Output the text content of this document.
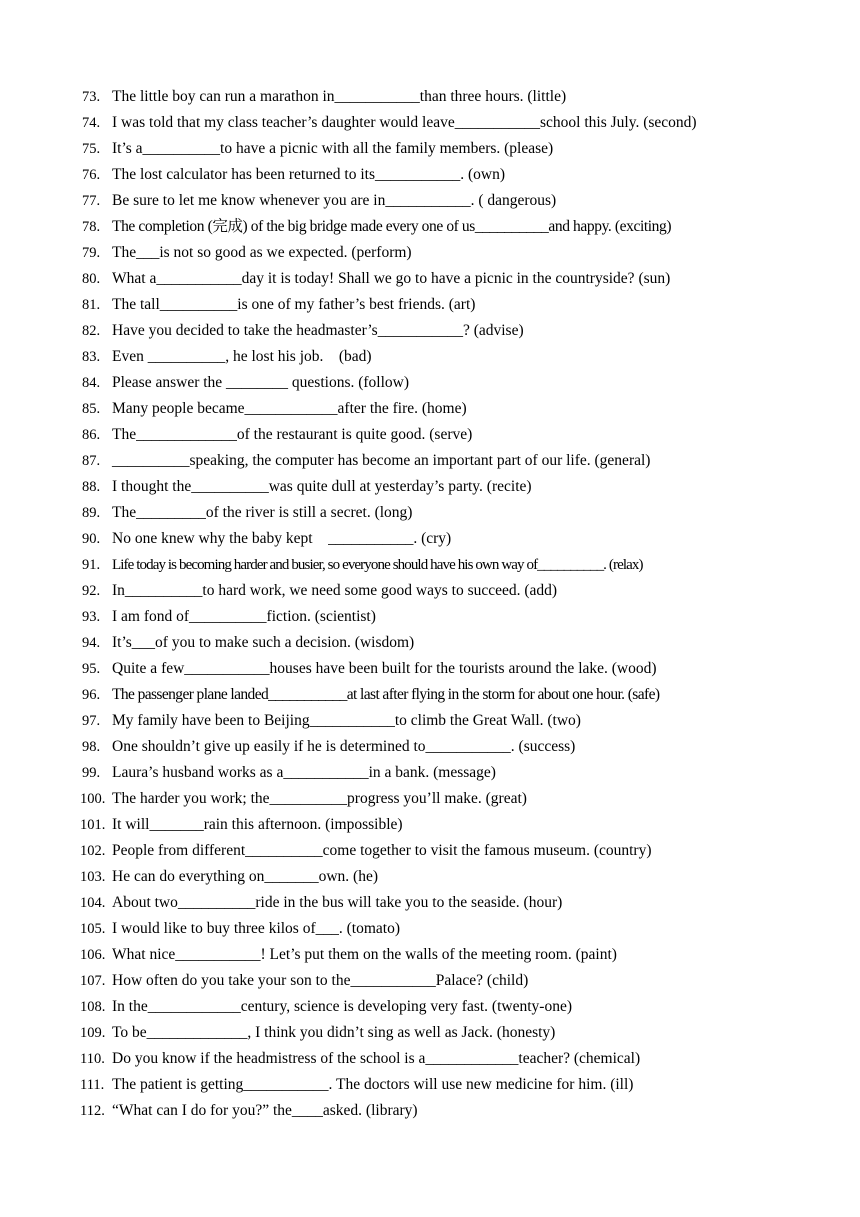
73. The little boy can run a marathon in___________than three hours. (little)
74. I was told that my class teacher’s daughter would leave___________school this July. (second)
75. It’s a__________to have a picnic with all the family members. (please)
76. The lost calculator has been returned to its___________. (own)
77. Be sure to let me know whenever you are in___________. ( dangerous)
78. The completion (完成) of the big bridge made every one of us__________and happy. (exciting)
79. The___is not so good as we expected. (perform)
80. What a___________day it is today! Shall we go to have a picnic in the countryside? (sun)
81. The tall__________is one of my father’s best friends. (art)
82. Have you decided to take the headmaster’s___________? (advise)
83. Even __________, he lost his job.    (bad)
84. Please answer the ________ questions. (follow)
85. Many people became____________after the fire. (home)
86. The_____________of the restaurant is quite good. (serve)
87. __________speaking, the computer has become an important part of our life. (general)
88. I thought the__________was quite dull at yesterday’s party. (recite)
89. The_________of the river is still a secret. (long)
90. No one knew why the baby kept    ___________. (cry)
91. Life today is becoming harder and busier, so everyone should have his own way of__________. (relax)
92. In__________to hard work, we need some good ways to succeed. (add)
93. I am fond of__________fiction. (scientist)
94. It’s___of you to make such a decision. (wisdom)
95. Quite a few___________houses have been built for the tourists around the lake. (wood)
96. The passenger plane landed___________at last after flying in the storm for about one hour. (safe)
97. My family have been to Beijing___________to climb the Great Wall. (two)
98. One shouldn’t give up easily if he is determined to___________. (success)
99. Laura’s husband works as a___________in a bank. (message)
100. The harder you work; the__________progress you’ll make. (great)
101. It will_______rain this afternoon. (impossible)
102. People from different__________come together to visit the famous museum. (country)
103. He can do everything on_______own. (he)
104. About two__________ride in the bus will take you to the seaside. (hour)
105. I would like to buy three kilos of___. (tomato)
106. What nice___________! Let’s put them on the walls of the meeting room. (paint)
107. How often do you take your son to the___________Palace? (child)
108. In the____________century, science is developing very fast. (twenty-one)
109. To be_____________, I think you didn’t sing as well as Jack. (honesty)
110. Do you know if the headmistress of the school is a____________teacher? (chemical)
111. The patient is getting___________. The doctors will use new medicine for him. (ill)
112. “What can I do for you?” the____asked. (library)
